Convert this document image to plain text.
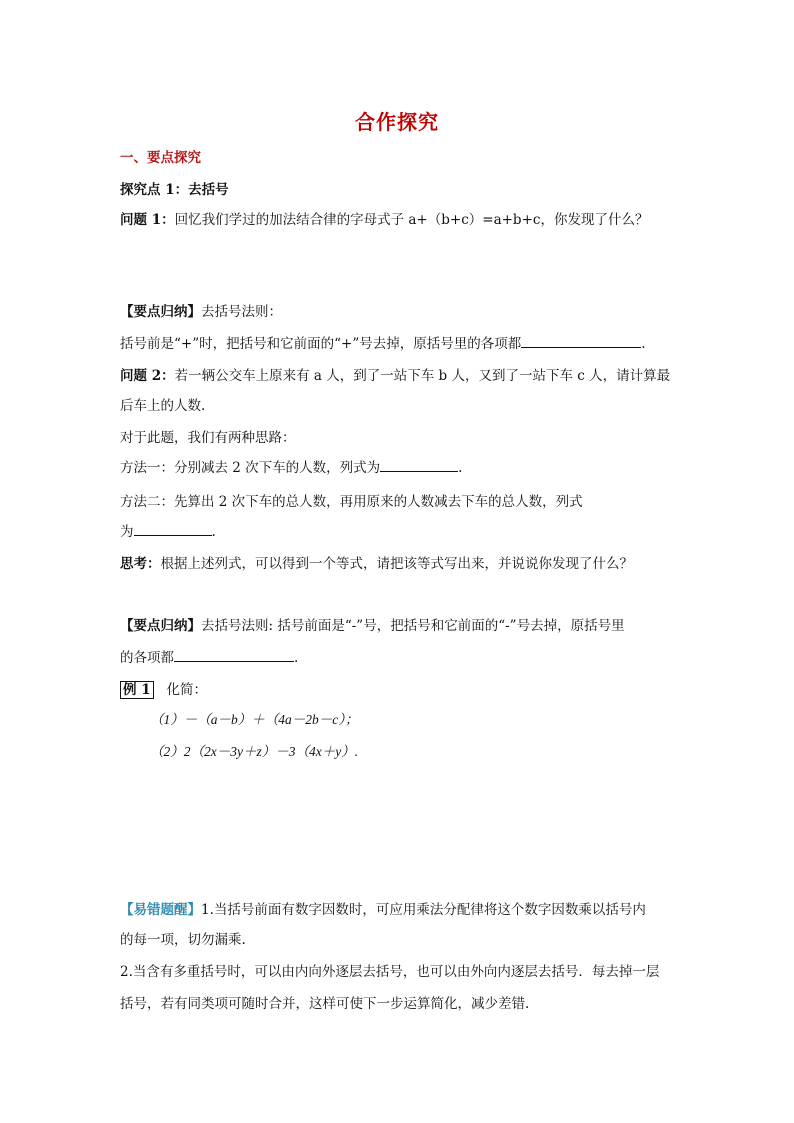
合作探究
一、要点探究
探究点 1：去括号
问题 1：回忆我们学过的加法结合律的字母式子 a+（b+c）=a+b+c，你发现了什么？
【要点归纳】去括号法则：
括号前是“+”时，把括号和它前面的“+”号去掉，原括号里的各项都	.
问题 2：若一辆公交车上原来有 a 人，到了一站下车 b 人，又到了一站下车 c 人，请计算最
后车上的人数.
对于此题，我们有两种思路：
方法一：分别减去 2 次下车的人数，列式为	.
方法二：先算出 2 次下车的总人数，再用原来的人数减去下车的总人数，列式
为	.
思考：根据上述列式，可以得到一个等式，请把该等式写出来，并说说你发现了什么？
【要点归纳】去括号法则: 括号前面是“-”号，把括号和它前面的“-”号去掉，原括号里
的各项都	.
例 1 化简：
（1）－（a－b）＋（4a－2b－c）；
（2）2（2x－3y＋z）－3（4x＋y）.
【易错题醒】1.当括号前面有数字因数时，可应用乘法分配律将这个数字因数乘以括号内
的每一项，切勿漏乘.
2.当含有多重括号时，可以由内向外逐层去括号，也可以由外向内逐层去括号．每去掉一层
括号，若有同类项可随时合并，这样可使下一步运算简化，减少差错.
